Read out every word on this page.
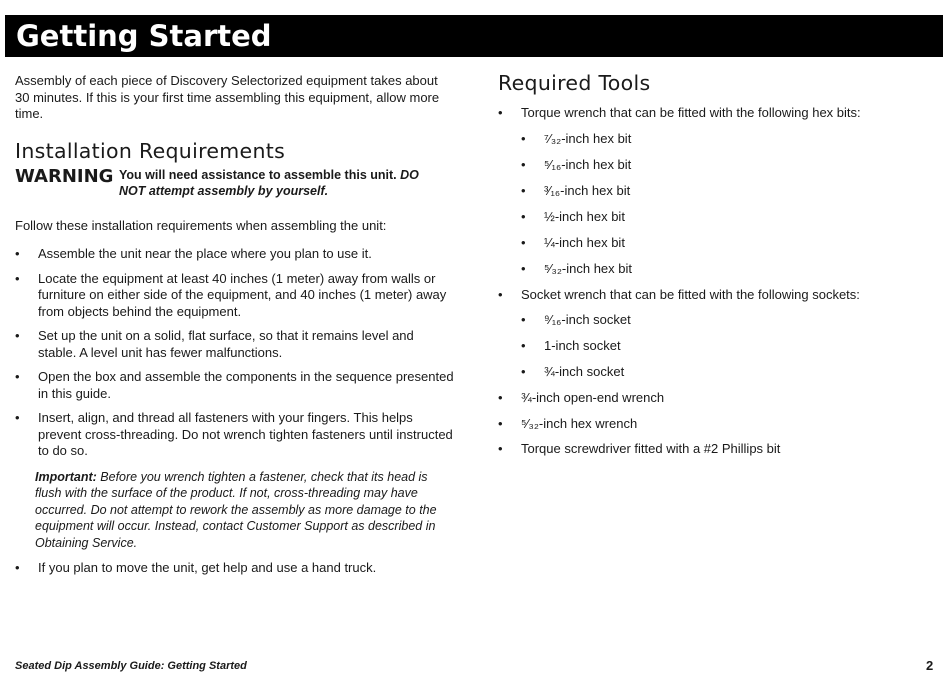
Getting Started

Assembly of each piece of Discovery Selectorized equipment takes about 30 minutes. If this is your first time assembling this equipment, allow more time.

Installation Requirements
WARNING You will need assistance to assemble this unit. DO NOT attempt assembly by yourself.

Follow these installation requirements when assembling the unit:

• Assemble the unit near the place where you plan to use it.
• Locate the equipment at least 40 inches (1 meter) away from walls or furniture on either side of the equipment, and 40 inches (1 meter) away from objects behind the equipment.
• Set up the unit on a solid, flat surface, so that it remains level and stable. A level unit has fewer malfunctions.
• Open the box and assemble the components in the sequence presented in this guide.
• Insert, align, and thread all fasteners with your fingers. This helps prevent cross-threading. Do not wrench tighten fasteners until instructed to do so.

Important: Before you wrench tighten a fastener, check that its head is flush with the surface of the product. If not, cross-threading may have occurred. Do not attempt to rework the assembly as more damage to the equipment will occur. Instead, contact Customer Support as described in Obtaining Service.

• If you plan to move the unit, get help and use a hand truck.
Required Tools
• Torque wrench that can be fitted with the following hex bits:
• ⁷⁄₃₂-inch hex bit
• ⁵⁄₁₆-inch hex bit
• ³⁄₁₆-inch hex bit
• ½-inch hex bit
• ¼-inch hex bit
• ⁵⁄₃₂-inch hex bit
• Socket wrench that can be fitted with the following sockets:
• ⁹⁄₁₆-inch socket
• 1-inch socket
• ¾-inch socket
• ¾-inch open-end wrench
• ⁵⁄₃₂-inch hex wrench
• Torque screwdriver fitted with a #2 Phillips bit
Seated Dip Assembly Guide: Getting Started	2
